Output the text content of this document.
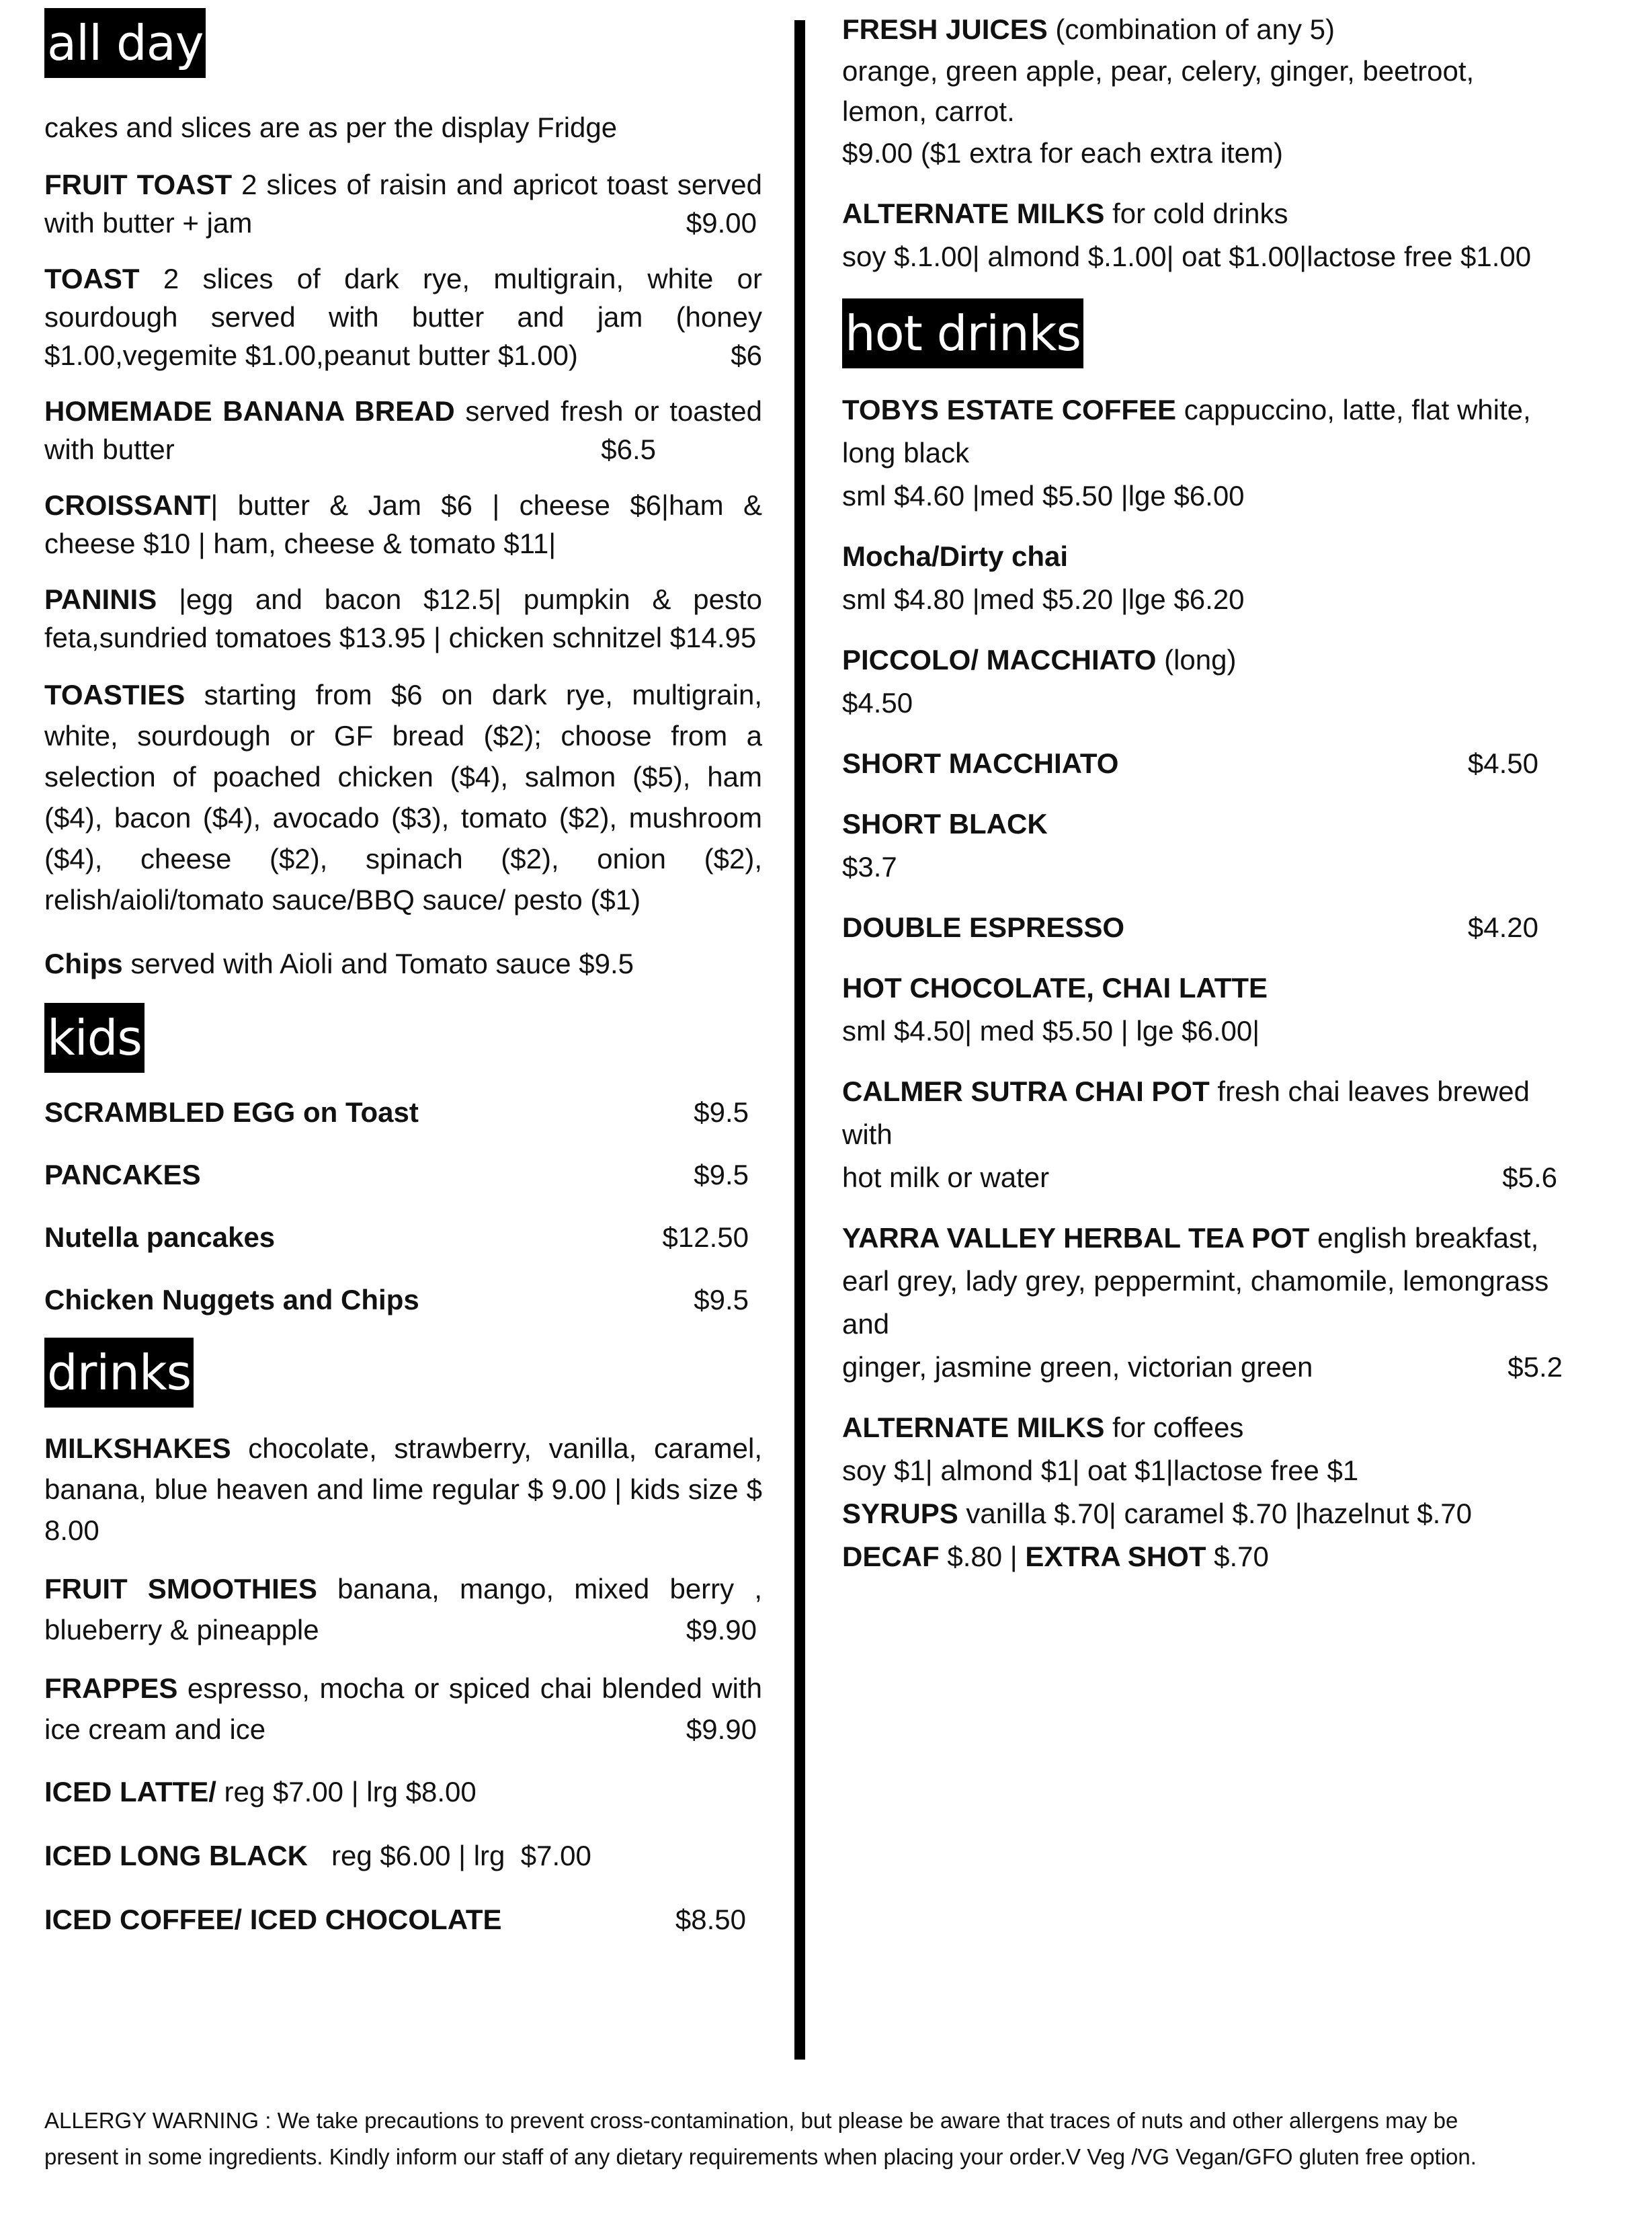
all day
cakes and slices are as per the display Fridge
FRUIT TOAST 2 slices of raisin and apricot toast served with butter + jam	$9.00
TOAST 2 slices of dark rye, multigrain, white or sourdough served with butter and jam (honey $1.00,vegemite $1.00,peanut butter $1.00)	$6
HOMEMADE BANANA BREAD served fresh or toasted with butter	$6.5
CROISSANT| butter & Jam $6 | cheese $6|ham & cheese $10 | ham, cheese & tomato $11|
PANINIS |egg and bacon $12.5| pumpkin & pesto feta,sundried tomatoes $13.95 | chicken schnitzel $14.95
TOASTIES starting from $6 on dark rye, multigrain, white, sourdough or GF bread ($2); choose from a selection of poached chicken ($4), salmon ($5), ham ($4), bacon ($4), avocado ($3), tomato ($2), mushroom ($4), cheese ($2), spinach ($2), onion ($2), relish/aioli/tomato sauce/BBQ sauce/ pesto ($1)
Chips served with Aioli and Tomato sauce $9.5
kids
SCRAMBLED EGG on Toast	$9.5
PANCAKES	$9.5
Nutella pancakes	$12.50
Chicken Nuggets and Chips	$9.5
drinks
MILKSHAKES chocolate, strawberry, vanilla, caramel, banana, blue heaven and lime regular $ 9.00 | kids size $ 8.00
FRUIT SMOOTHIES banana, mango, mixed berry , blueberry & pineapple	$9.90
FRAPPES espresso, mocha or spiced chai blended with ice cream and ice	$9.90
ICED LATTE/ reg $7.00 | lrg $8.00
ICED LONG BLACK   reg $6.00 | lrg  $7.00
ICED COFFEE/ ICED CHOCOLATE	$8.50
FRESH JUICES (combination of any 5)
orange, green apple, pear, celery, ginger, beetroot, lemon, carrot.
$9.00 ($1 extra for each extra item)
ALTERNATE MILKS for cold drinks
soy $.1.00| almond $.1.00| oat $1.00|lactose free $1.00
hot drinks
TOBYS ESTATE COFFEE cappuccino, latte, flat white, long black
sml $4.60 |med $5.50 |lge $6.00
Mocha/Dirty chai
sml $4.80 |med $5.20 |lge $6.20
PICCOLO/ MACCHIATO (long)
$4.50
SHORT MACCHIATO	$4.50
SHORT BLACK
$3.7
DOUBLE ESPRESSO	$4.20
HOT CHOCOLATE, CHAI LATTE
sml $4.50| med $5.50 | lge $6.00|
CALMER SUTRA CHAI POT fresh chai leaves brewed with
hot milk or water	$5.6
YARRA VALLEY HERBAL TEA POT english breakfast, earl grey, lady grey, peppermint, chamomile, lemongrass and
ginger, jasmine green, victorian green	$5.2
ALTERNATE MILKS for coffees
soy $1| almond $1| oat $1|lactose free $1
SYRUPS vanilla $.70| caramel $.70 |hazelnut $.70
DECAF $.80 | EXTRA SHOT $.70
ALLERGY WARNING : We take precautions to prevent cross-contamination, but please be aware that traces of nuts and other allergens may be
present in some ingredients. Kindly inform our staff of any dietary requirements when placing your order.V Veg /VG Vegan/GFO gluten free option.
